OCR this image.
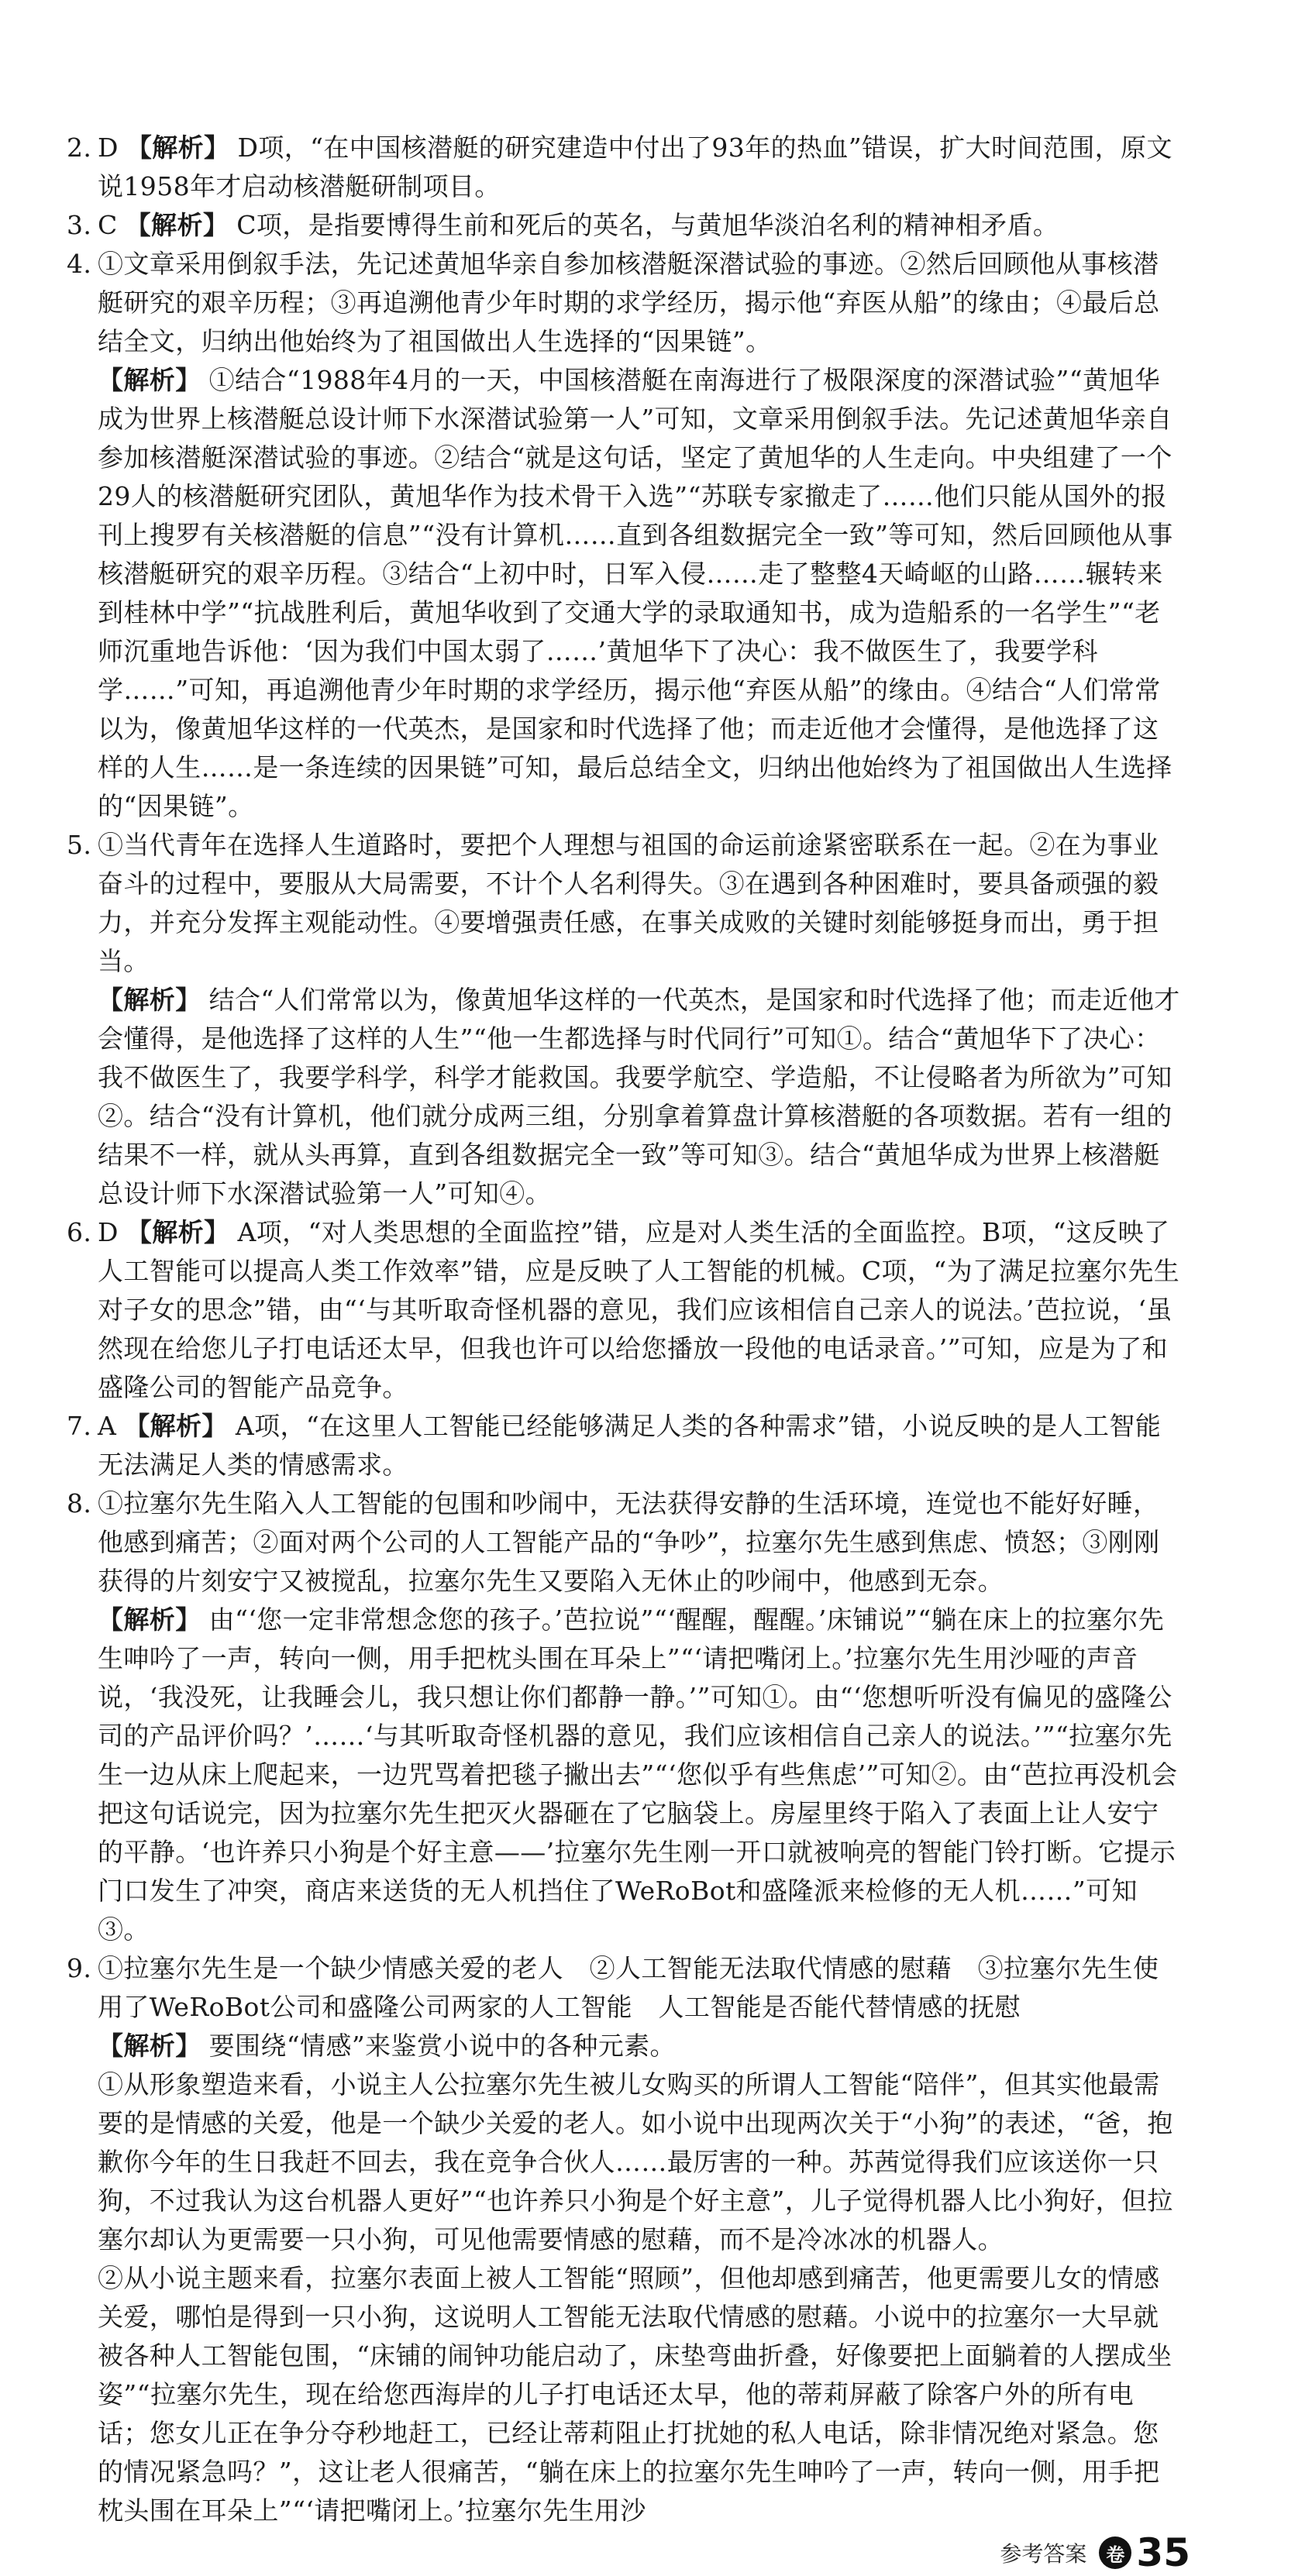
2. D 【解析】 D项，“在中国核潜艇的研究建造中付出了93年的热血”错误，扩大时间范围，原文说1958年才启动核潜艇研制项目。
3. C 【解析】 C项，是指要博得生前和死后的英名，与黄旭华淡泊名利的精神相矛盾。
4. ①文章采用倒叙手法，先记述黄旭华亲自参加核潜艇深潜试验的事迹。②然后回顾他从事核潜艇研究的艰辛历程；③再追溯他青少年时期的求学经历，揭示他“弃医从船”的缘由；④最后总结全文，归纳出他始终为了祖国做出人生选择的“因果链”。
【解析】 ①结合“1988年4月的一天，中国核潜艇在南海进行了极限深度的深潜试验”“黄旭华成为世界上核潜艇总设计师下水深潜试验第一人”可知，文章采用倒叙手法。先记述黄旭华亲自参加核潜艇深潜试验的事迹。②结合“就是这句话，坚定了黄旭华的人生走向。中央组建了一个29人的核潜艇研究团队，黄旭华作为技术骨干入选”“苏联专家撤走了……他们只能从国外的报刊上搜罗有关核潜艇的信息”“没有计算机……直到各组数据完全一致”等可知，然后回顾他从事核潜艇研究的艰辛历程。③结合“上初中时，日军入侵……走了整整4天崎岖的山路……辗转来到桂林中学”“抗战胜利后，黄旭华收到了交通大学的录取通知书，成为造船系的一名学生”“老师沉重地告诉他：‘因为我们中国太弱了……’黄旭华下了决心：我不做医生了，我要学科学……”可知，再追溯他青少年时期的求学经历，揭示他“弃医从船”的缘由。④结合“人们常常以为，像黄旭华这样的一代英杰，是国家和时代选择了他；而走近他才会懂得，是他选择了这样的人生……是一条连续的因果链”可知，最后总结全文，归纳出他始终为了祖国做出人生选择的“因果链”。
5. ①当代青年在选择人生道路时，要把个人理想与祖国的命运前途紧密联系在一起。②在为事业奋斗的过程中，要服从大局需要，不计个人名利得失。③在遇到各种困难时，要具备顽强的毅力，并充分发挥主观能动性。④要增强责任感，在事关成败的关键时刻能够挺身而出，勇于担当。
【解析】 结合“人们常常以为，像黄旭华这样的一代英杰，是国家和时代选择了他；而走近他才会懂得，是他选择了这样的人生”“他一生都选择与时代同行”可知①。结合“黄旭华下了决心：我不做医生了，我要学科学，科学才能救国。我要学航空、学造船，不让侵略者为所欲为”可知②。结合“没有计算机，他们就分成两三组，分别拿着算盘计算核潜艇的各项数据。若有一组的结果不一样，就从头再算，直到各组数据完全一致”等可知③。结合“黄旭华成为世界上核潜艇总设计师下水深潜试验第一人”可知④。
6. D 【解析】 A项，“对人类思想的全面监控”错，应是对人类生活的全面监控。B项，“这反映了人工智能可以提高人类工作效率”错，应是反映了人工智能的机械。C项，“为了满足拉塞尔先生对子女的思念”错，由“‘与其听取奇怪机器的意见，我们应该相信自己亲人的说法。’芭拉说，‘虽然现在给您儿子打电话还太早，但我也许可以给您播放一段他的电话录音。’”可知，应是为了和盛隆公司的智能产品竞争。
7. A 【解析】 A项，“在这里人工智能已经能够满足人类的各种需求”错，小说反映的是人工智能无法满足人类的情感需求。
8. ①拉塞尔先生陷入人工智能的包围和吵闹中，无法获得安静的生活环境，连觉也不能好好睡，他感到痛苦；②面对两个公司的人工智能产品的“争吵”，拉塞尔先生感到焦虑、愤怒；③刚刚获得的片刻安宁又被搅乱，拉塞尔先生又要陷入无休止的吵闹中，他感到无奈。
【解析】 由“‘您一定非常想念您的孩子。’芭拉说”“‘醒醒，醒醒。’床铺说”“躺在床上的拉塞尔先生呻吟了一声，转向一侧，用手把枕头围在耳朵上”“‘请把嘴闭上。’拉塞尔先生用沙哑的声音说，‘我没死，让我睡会儿，我只想让你们都静一静。’”可知①。由“‘您想听听没有偏见的盛隆公司的产品评价吗？’……‘与其听取奇怪机器的意见，我们应该相信自己亲人的说法。’”“拉塞尔先生一边从床上爬起来，一边咒骂着把毯子撇出去”“‘您似乎有些焦虑’”可知②。由“芭拉再没机会把这句话说完，因为拉塞尔先生把灭火器砸在了它脑袋上。房屋里终于陷入了表面上让人安宁的平静。‘也许养只小狗是个好主意——’拉塞尔先生刚一开口就被响亮的智能门铃打断。它提示门口发生了冲突，商店来送货的无人机挡住了WeRoBot和盛隆派来检修的无人机……”可知③。
9. ①拉塞尔先生是一个缺少情感关爱的老人　②人工智能无法取代情感的慰藉　③拉塞尔先生使用了WeRoBot公司和盛隆公司两家的人工智能　人工智能是否能代替情感的抚慰
【解析】 要围绕“情感”来鉴赏小说中的各种元素。
①从形象塑造来看，小说主人公拉塞尔先生被儿女购买的所谓人工智能“陪伴”，但其实他最需要的是情感的关爱，他是一个缺少关爱的老人。如小说中出现两次关于“小狗”的表述，“爸，抱歉你今年的生日我赶不回去，我在竞争合伙人……最厉害的一种。苏茜觉得我们应该送你一只狗，不过我认为这台机器人更好”“也许养只小狗是个好主意”，儿子觉得机器人比小狗好，但拉塞尔却认为更需要一只小狗，可见他需要情感的慰藉，而不是冷冰冰的机器人。
②从小说主题来看，拉塞尔表面上被人工智能“照顾”，但他却感到痛苦，他更需要儿女的情感关爱，哪怕是得到一只小狗，这说明人工智能无法取代情感的慰藉。小说中的拉塞尔一大早就被各种人工智能包围，“床铺的闹钟功能启动了，床垫弯曲折叠，好像要把上面躺着的人摆成坐姿”“拉塞尔先生，现在给您西海岸的儿子打电话还太早，他的蒂莉屏蔽了除客户外的所有电话；您女儿正在争分夺秒地赶工，已经让蒂莉阻止打扰她的私人电话，除非情况绝对紧急。您的情况紧急吗？”，这让老人很痛苦，“躺在床上的拉塞尔先生呻吟了一声，转向一侧，用手把枕头围在耳朵上”“‘请把嘴闭上。’拉塞尔先生用沙
参考答案	卷 35
